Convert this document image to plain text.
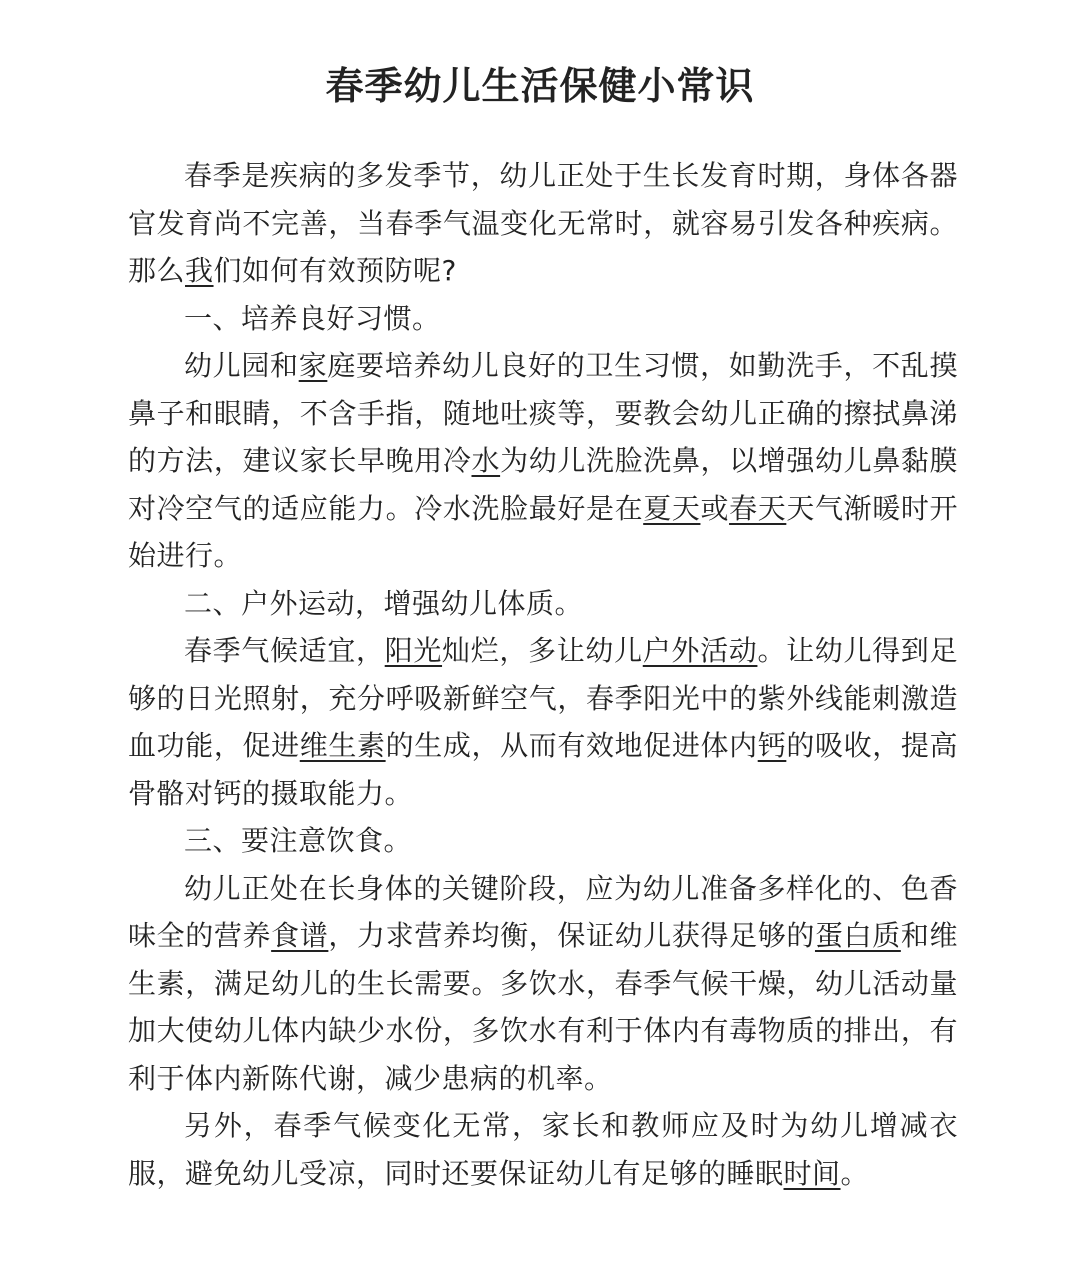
春季幼儿生活保健小常识

春季是疾病的多发季节，幼儿正处于生长发育时期，身体各器官发育尚不完善，当春季气温变化无常时，就容易引发各种疾病。那么我们如何有效预防呢?

一、培养良好习惯。

幼儿园和家庭要培养幼儿良好的卫生习惯，如勤洗手，不乱摸鼻子和眼睛，不含手指，随地吐痰等，要教会幼儿正确的擦拭鼻涕的方法，建议家长早晚用冷水为幼儿洗脸洗鼻，以增强幼儿鼻黏膜对冷空气的适应能力。冷水洗脸最好是在夏天或春天天气渐暖时开始进行。

二、户外运动，增强幼儿体质。

春季气候适宜，阳光灿烂，多让幼儿户外活动。让幼儿得到足够的日光照射，充分呼吸新鲜空气，春季阳光中的紫外线能刺激造血功能，促进维生素的生成，从而有效地促进体内钙的吸收，提高骨骼对钙的摄取能力。

三、要注意饮食。

幼儿正处在长身体的关键阶段，应为幼儿准备多样化的、色香味全的营养食谱，力求营养均衡，保证幼儿获得足够的蛋白质和维生素，满足幼儿的生长需要。多饮水，春季气候干燥，幼儿活动量加大使幼儿体内缺少水份，多饮水有利于体内有毒物质的排出，有利于体内新陈代谢，减少患病的机率。

另外，春季气候变化无常，家长和教师应及时为幼儿增减衣服，避免幼儿受凉，同时还要保证幼儿有足够的睡眠时间。
